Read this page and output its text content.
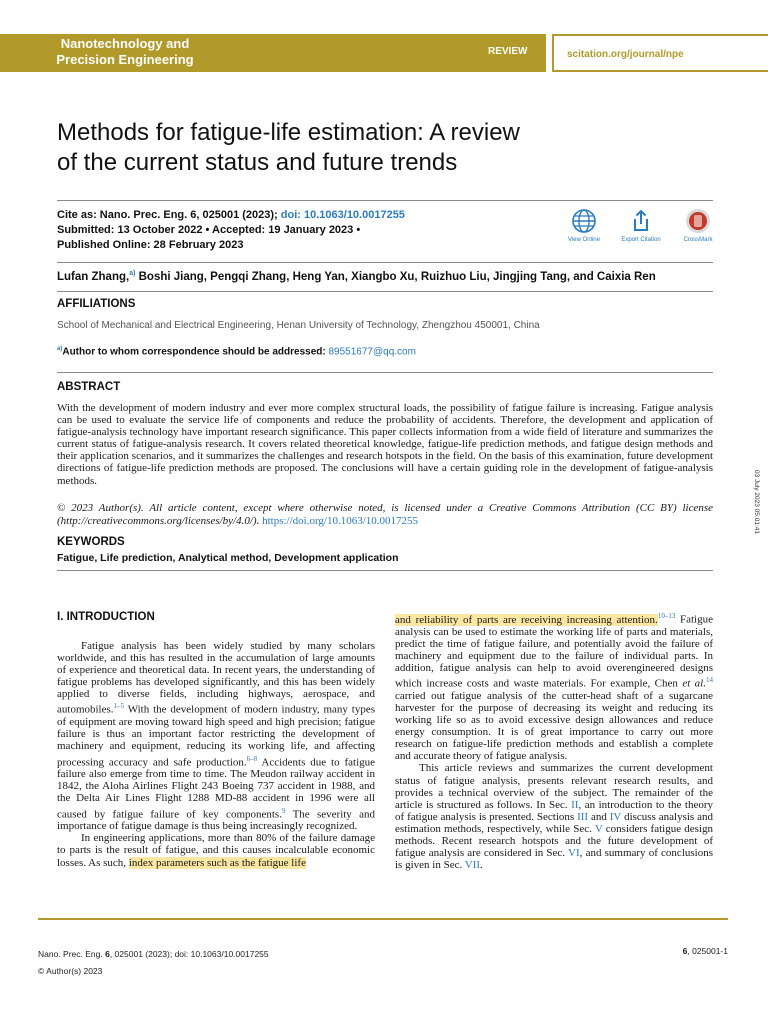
Nanotechnology and
Precision Engineering
REVIEW	scitation.org/journal/npe
Methods for fatigue-life estimation: A review
of the current status and future trends
Cite as: Nano. Prec. Eng. 6, 025001 (2023); doi: 10.1063/10.0017255
Submitted: 13 October 2022 • Accepted: 19 January 2023 •
Published Online: 28 February 2023	View Online	Export Citation	CrossMark
Lufan Zhang,$^{a)}$ Boshi Jiang, Pengqi Zhang, Heng Yan, Xiangbo Xu, Ruizhuo Liu, Jingjing Tang, and Caixia Ren
AFFILIATIONS
School of Mechanical and Electrical Engineering, Henan University of Technology, Zhengzhou 450001, China
$^{a)}$Author to whom correspondence should be addressed: 89551677@qq.com
ABSTRACT
With the development of modern industry and ever more complex structural loads, the possibility of fatigue failure is increasing. Fatigue analysis can be used to evaluate the service life of components and reduce the probability of accidents. Therefore, the development and application of fatigue-analysis technology have important research significance. This paper collects information from a wide field of literature and summarizes the current status of fatigue-analysis research. It covers related theoretical knowledge, fatigue-life prediction methods, and fatigue design methods and their application scenarios, and it summarizes the challenges and research hotspots in the field. On the basis of this examination, future development directions of fatigue-life prediction methods are proposed. The conclusions will have a certain guiding role in the development of fatigue-analysis methods.
© 2023 Author(s). All article content, except where otherwise noted, is licensed under a Creative Commons Attribution (CC BY) license (http://creativecommons.org/licenses/by/4.0/). https://doi.org/10.1063/10.0017255
KEYWORDS
Fatigue, Life prediction, Analytical method, Development application
03 July 2023 05:01:41
I. INTRODUCTION

Fatigue analysis has been widely studied by many scholars worldwide, and this has resulted in the accumulation of large amounts of experience and theoretical data. In recent years, the understanding of fatigue problems has developed significantly, and this has been widely applied to diverse fields, including highways, aerospace, and automobiles.$^{1-5}$ With the development of modern industry, many types of equipment are moving toward high speed and high precision; fatigue failure is thus an important factor restricting the development of machinery and equipment, reducing its working life, and affecting processing accuracy and safe production.$^{6-8}$ Accidents due to fatigue failure also emerge from time to time. The Meudon railway accident in 1842, the Aloha Airlines Flight 243 Boeing 737 accident in 1988, and the Delta Air Lines Flight 1288 MD-88 accident in 1996 were all caused by fatigue failure of key components.$^9$ The severity and importance of fatigue damage is thus being increasingly recognized.

In engineering applications, more than 80% of the failure damage to parts is the result of fatigue, and this causes incalculable economic losses. As such, index parameters such as the fatigue life

and reliability of parts are receiving increasing attention.$^{10-13}$ Fatigue analysis can be used to estimate the working life of parts and materials, predict the time of fatigue failure, and potentially avoid the failure of machinery and equipment due to the failure of individual parts. In addition, fatigue analysis can help to avoid overengineered designs which increase costs and waste materials. For example, Chen et al.$^{14}$ carried out fatigue analysis of the cutter-head shaft of a sugarcane harvester for the purpose of decreasing its weight and reducing its working life so as to avoid excessive design allowances and reduce energy consumption. It is of great importance to carry out more research on fatigue-life prediction methods and establish a complete and accurate theory of fatigue analysis.

This article reviews and summarizes the current development status of fatigue analysis, presents relevant research results, and provides a technical overview of the subject. The remainder of the article is structured as follows. In Sec. II, an introduction to the theory of fatigue analysis is presented. Sections III and IV discuss analysis and estimation methods, respectively, while Sec. V considers fatigue design methods. Recent research hotspots and the future development of fatigue analysis are considered in Sec. VI, and summary of conclusions is given in Sec. VII.

Nano. Prec. Eng. 6, 025001 (2023); doi: 10.1063/10.0017255
© Author(s) 2023
6, 025001-1
